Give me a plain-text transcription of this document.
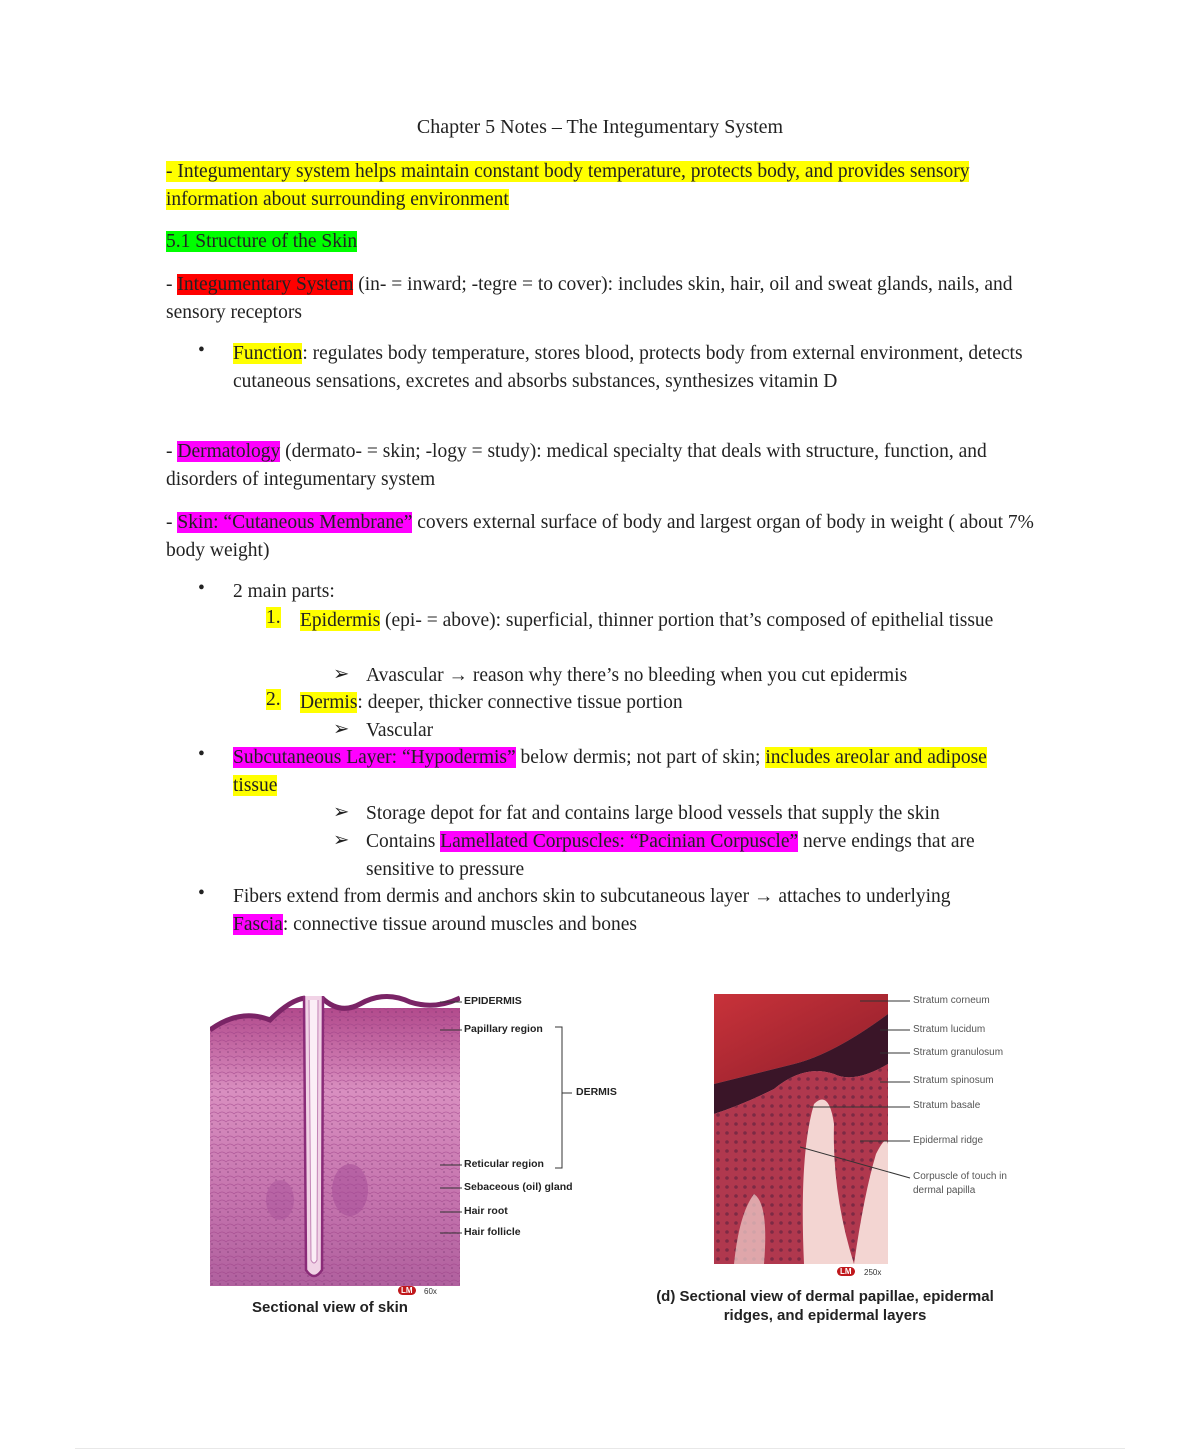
Chapter 5 Notes – The Integumentary System
- Integumentary system helps maintain constant body temperature, protects body, and provides sensory information about surrounding environment
5.1 Structure of the Skin
- Integumentary System (in- = inward; -tegre = to cover): includes skin, hair, oil and sweat glands, nails, and sensory receptors
• Function: regulates body temperature, stores blood, protects body from external environment, detects cutaneous sensations, excretes and absorbs substances, synthesizes vitamin D
- Dermatology (dermato- = skin; -logy = study): medical specialty that deals with structure, function, and disorders of integumentary system
- Skin: “Cutaneous Membrane” covers external surface of body and largest organ of body in weight ( about 7% body weight)
• 2 main parts:
1. Epidermis (epi- = above): superficial, thinner portion that’s composed of epithelial tissue
➢ Avascular → reason why there’s no bleeding when you cut epidermis
2. Dermis: deeper, thicker connective tissue portion
➢ Vascular
• Subcutaneous Layer: “Hypodermis” below dermis; not part of skin; includes areolar and adipose tissue
➢ Storage depot for fat and contains large blood vessels that supply the skin
➢ Contains Lamellated Corpuscles: “Pacinian Corpuscle” nerve endings that are sensitive to pressure
• Fibers extend from dermis and anchors skin to subcutaneous layer → attaches to underlying Fascia: connective tissue around muscles and bones
EPIDERMIS
Papillary region
DERMIS
Reticular region
Sebaceous (oil) gland
Hair root
Hair follicle
LM	60x
Sectional view of skin
Stratum corneum
Stratum lucidum
Stratum granulosum
Stratum spinosum
Stratum basale
Epidermal ridge
Corpuscle of touch in
dermal papilla
LM	250x
(d) Sectional view of dermal papillae, epidermal
ridges, and epidermal layers
